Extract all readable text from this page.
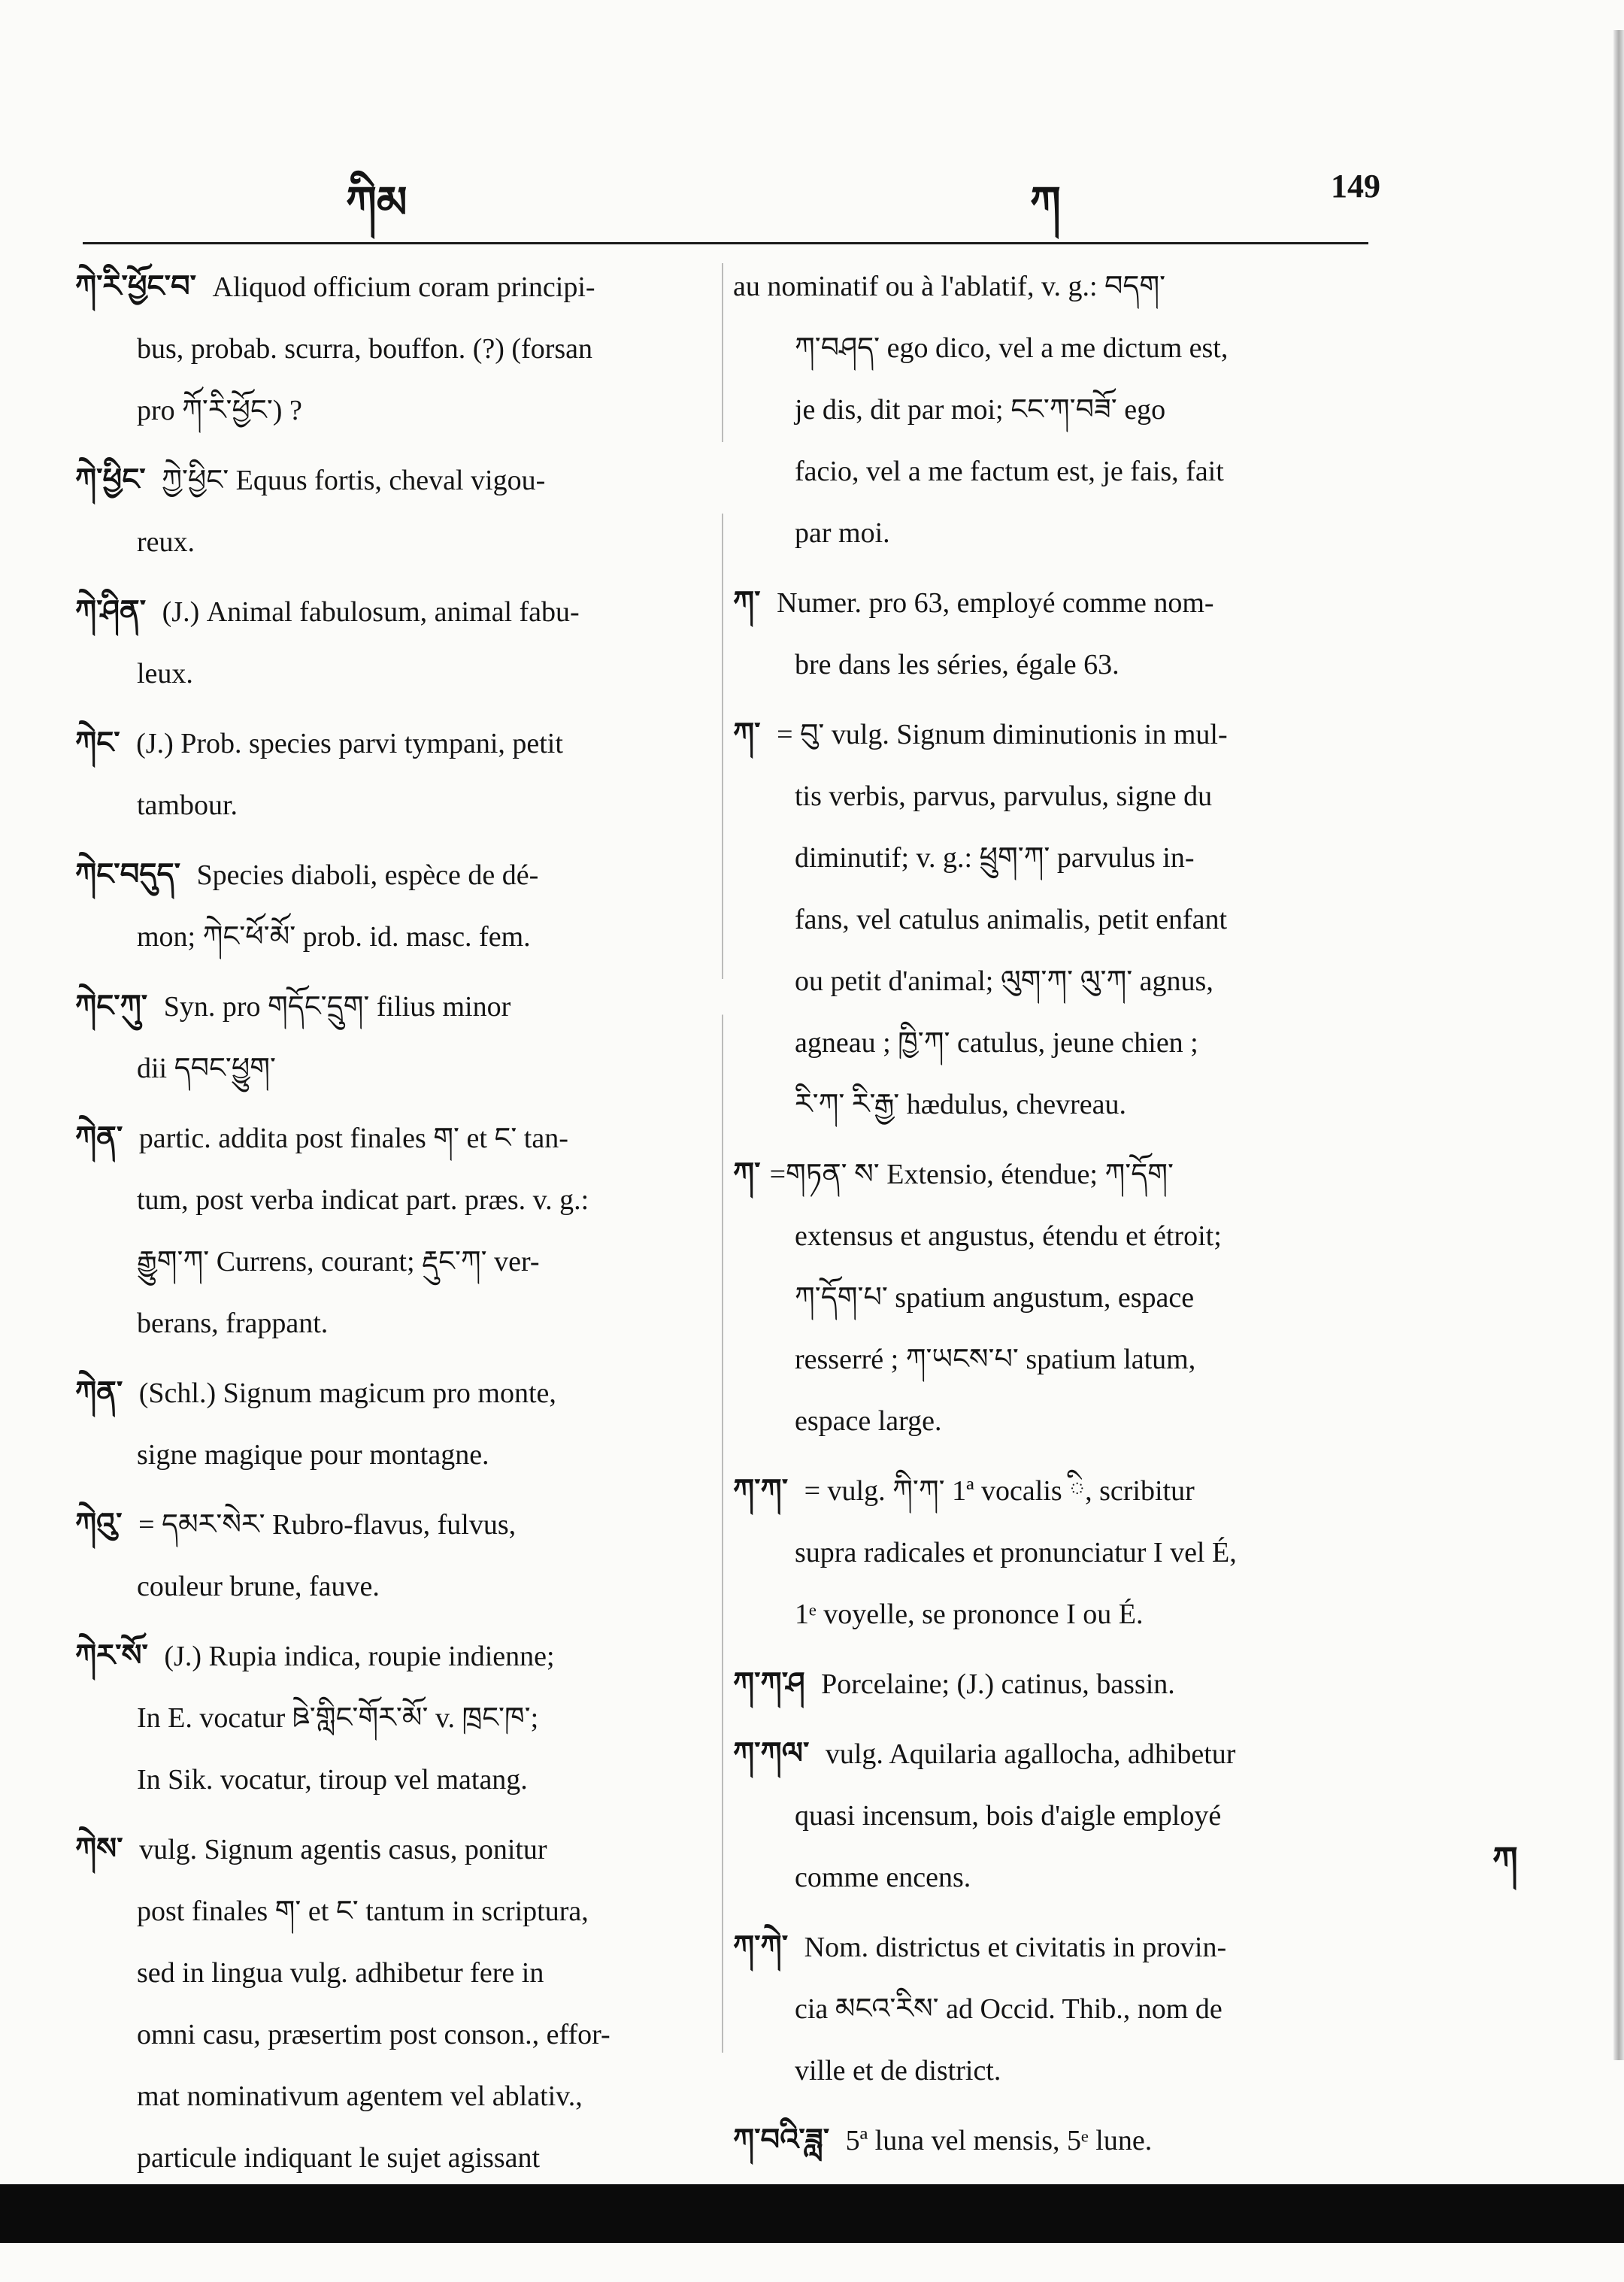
ཀིམ	ཀ	149
ཀེ་རི་ཕྱོང་བ་ Aliquod officium coram principi-
bus, probab. scurra, bouffon. (?) (forsan
pro ཀོ་རི་ཕྱོང་) ?
ཀེ་ཕྱིང་ ཀྱེ་ཕྱིང་ Equus fortis, cheval vigou-
reux.
ཀེ་ཤིན་ (J.) Animal fabulosum, animal fabu-
leux.
ཀེང་ (J.) Prob. species parvi tympani, petit
tambour.
ཀེང་བདུད་ Species diaboli, espèce de dé-
mon; ཀེང་ཕོ་མོ་ prob. id. masc. fem.
ཀེང་ཀུ་ Syn. pro གདོང་དྲུག་ filius minor
dii དབང་ཕྱུག་
ཀེན་ partic. addita post finales ག་ et ང་ tan-
tum, post verba indicat part. præs. v. g.:
རྒྱུག་ཀ་ Currens, courant; རྡུང་ཀ་ ver-
berans, frappant.
ཀེན་ (Schl.) Signum magicum pro monte,
signe magique pour montagne.
ཀེའུ་ = དམར་སེར་ Rubro-flavus, fulvus,
couleur brune, fauve.
ཀེར་སོ་ (J.) Rupia indica, roupie indienne;
In E. vocatur ཋེ་གླིང་གོར་མོ་ v. ཁྲང་ཁ་;
In Sik. vocatur, tiroup vel matang.
ཀེས་ vulg. Signum agentis casus, ponitur
post finales ག་ et ང་ tantum in scriptura,
sed in lingua vulg. adhibetur fere in
omni casu, præsertim post conson., effor-
mat nominativum agentem vel ablativ.,
particule indiquant le sujet agissant
au nominatif ou à l'ablatif, v. g.: བདག་
ཀ་བཤད་ ego dico, vel a me dictum est,
je dis, dit par moi; ངང་ཀ་བཟོ་ ego
facio, vel a me factum est, je fais, fait
par moi.
ཀ་ Numer. pro 63, employé comme nom-
bre dans les séries, égale 63.
ཀ་ = བུ་ vulg. Signum diminutionis in mul-
tis verbis, parvus, parvulus, signe du
diminutif; v. g.: ཕྲུག་ཀ་ parvulus in-
fans, vel catulus animalis, petit enfant
ou petit d'animal; ལུག་ཀ་ ལུ་ཀ་ agnus,
agneau ; ཁྱི་ཀ་ catulus, jeune chien ;
རི་ཀ་ རི་རྒྱ་ hædulus, chevreau.
ཀ་ =གཏན་ ས་ Extensio, étendue; ཀ་དོག་
extensus et angustus, étendu et étroit;
ཀ་དོག་པ་ spatium angustum, espace
resserré ; ཀ་ཡངས་པ་ spatium latum,
espace large.
ཀ་ཀ་ = vulg. ཀི་ཀ་ 1ª vocalis ི, scribitur
supra radicales et pronunciatur I vel É,
1ᵉ voyelle, se prononce I ou É.
ཀ་ཀ་ཤ Porcelaine; (J.) catinus, bassin.
ཀ་ཀལ་ vulg. Aquilaria agallocha, adhibetur
quasi incensum, bois d'aigle employé
comme encens.
ཀ་ཀེ་ Nom. districtus et civitatis in provin-
cia མངའ་རིས་ ad Occid. Thib., nom de
ville et de district.
ཀ་བའི་ཟླ་ 5ª luna vel mensis, 5ᵉ lune.
ཀ
